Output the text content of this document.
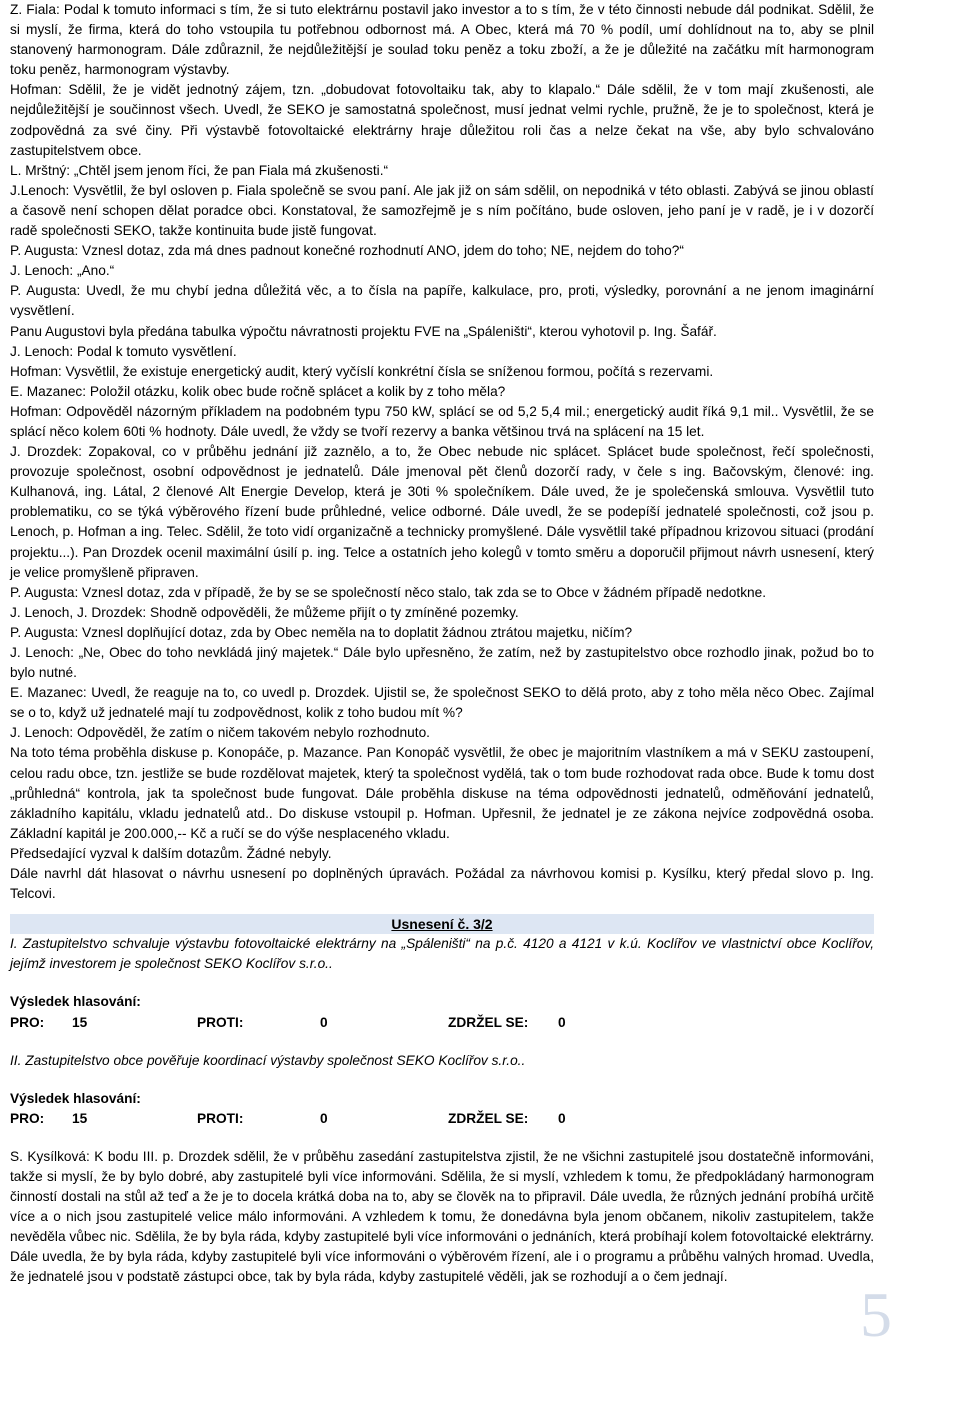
Z. Fiala: Podal k tomuto informaci s tím, že si tuto elektrárnu postavil jako investor a to s tím, že v této činnosti nebude dál podnikat. Sdělil, že si myslí, že firma, která do toho vstoupila tu potřebnou odbornost má. A Obec, která má 70 % podíl, umí dohlídnout na to, aby se plnil stanovený harmonogram. Dále zdůraznil, že nejdůležitější je soulad toku peněz a toku zboží, a že je důležité na začátku mít harmonogram toku peněz, harmonogram výstavby.

Hofman: Sdělil, že je vidět jednotný zájem, tzn. „dobudovat fotovoltaiku tak, aby to klapalo.“ Dále sdělil, že v tom mají zkušenosti, ale nejdůležitější je součinnost všech. Uvedl, že SEKO je samostatná společnost, musí jednat velmi rychle, pružně, že je to společnost, která je zodpovědná za své činy. Při výstavbě fotovoltaické elektrárny hraje důležitou roli čas a nelze čekat na vše, aby bylo schvalováno zastupitelstvem obce.

L. Mrštný: „Chtěl jsem jenom říci, že pan Fiala má zkušenosti.“

J.Lenoch: Vysvětlil, že byl osloven p. Fiala společně se svou paní. Ale jak již on sám sdělil, on nepodniká v této oblasti. Zabývá se jinou oblastí a časově není schopen dělat poradce obci. Konstatoval, že samozřejmě je s ním počítáno, bude osloven, jeho paní je v radě, je i v dozorčí radě společnosti SEKO, takže kontinuita bude jistě fungovat.

P. Augusta: Vznesl dotaz, zda má dnes padnout konečné rozhodnutí ANO, jdem do toho; NE, nejdem do toho?“

J. Lenoch: „Ano.“

P. Augusta: Uvedl, že mu chybí jedna důležitá věc, a to čísla na papíře, kalkulace, pro, proti, výsledky, porovnání a ne jenom imaginární vysvětlení.

Panu Augustovi byla předána tabulka výpočtu návratnosti projektu FVE na „Spáleništi“, kterou vyhotovil p. Ing. Šafář.

J. Lenoch: Podal k tomuto vysvětlení.

Hofman: Vysvětlil, že existuje energetický audit, který vyčíslí konkrétní čísla se sníženou formou, počítá s rezervami.

E. Mazanec: Položil otázku, kolik obec bude ročně splácet a kolik by z toho měla?

Hofman: Odpověděl názorným příkladem na podobném typu 750 kW, splácí se od 5,2 5,4 mil.; energetický audit říká 9,1 mil.. Vysvětlil, že se splácí něco kolem 60ti % hodnoty. Dále uvedl, že vždy se tvoří rezervy a banka většinou trvá na splácení na 15 let.

J. Drozdek: Zopakoval, co v průběhu jednání již zaznělo, a to, že Obec nebude nic splácet. Splácet bude společnost, řečí společnosti, provozuje společnost, osobní odpovědnost je jednatelů. Dále jmenoval pět členů dozorčí rady, v čele s ing. Bačovským, členové: ing. Kulhanová, ing. Látal, 2 členové Alt Energie Develop, která je 30ti % společníkem. Dále uved, že je společenská smlouva. Vysvětlil tuto problematiku, co se týká výběrového řízení bude průhledné, velice odborné. Dále uvedl, že se podepíší jednatelé společnosti, což jsou p. Lenoch, p. Hofman a ing. Telec. Sdělil, že toto vidí organizačně a technicky promyšlené. Dále vysvětlil také případnou krizovou situaci (prodání projektu...). Pan Drozdek ocenil maximální úsilí p. ing. Telce a ostatních jeho kolegů v tomto směru a doporučil přijmout návrh usnesení, který je velice promyšleně připraven.

P. Augusta: Vznesl dotaz, zda v případě, že by se se společností něco stalo, tak zda se to Obce v žádném případě nedotkne.

J. Lenoch, J. Drozdek: Shodně odpověděli, že můžeme přijít o ty zmíněné pozemky.

P. Augusta: Vznesl doplňující dotaz, zda by Obec neměla na to doplatit žádnou ztrátou majetku, ničím?

J. Lenoch: „Ne, Obec do toho nevkládá jiný majetek.“ Dále bylo upřesněno, že zatím, než by zastupitelstvo obce rozhodlo jinak, požud bo to bylo nutné.

E. Mazanec: Uvedl, že reaguje na to, co uvedl p. Drozdek. Ujistil se, že společnost SEKO to dělá proto, aby z toho měla něco Obec. Zajímal se o to, když už jednatelé mají tu zodpovědnost, kolik z toho budou mít %?

J. Lenoch: Odpověděl, že zatím o ničem takovém nebylo rozhodnuto.

Na toto téma proběhla diskuse p. Konopáče, p. Mazance. Pan Konopáč vysvětlil, že obec je majoritním vlastníkem a má v SEKU zastoupení, celou radu obce, tzn. jestliže se bude rozdělovat majetek, který ta společnost vydělá, tak o tom bude rozhodovat rada obce. Bude k tomu dost „průhledná“ kontrola, jak ta společnost bude fungovat. Dále proběhla diskuse na téma odpovědnosti jednatelů, odměňování jednatelů, základního kapitálu, vkladu jednatelů atd.. Do diskuse vstoupil p. Hofman. Upřesnil, že jednatel je ze zákona nejvíce zodpovědná osoba. Základní kapitál je 200.000,-- Kč a ručí se do výše nesplaceného vkladu.

Předsedající vyzval k dalším dotazům. Žádné nebyly.

Dále navrhl dát hlasovat o návrhu usnesení po doplněných úpravách. Požádal za návrhovou komisi p. Kysílku, který předal slovo p. Ing. Telcovi.

Usnesení č. 3/2

I. Zastupitelstvo schvaluje výstavbu fotovoltaické elektrárny na „Spáleništi“ na p.č. 4120 a 4121 v k.ú. Koclířov ve vlastnictví obce Koclířov, jejímž investorem je společnost SEKO Koclířov s.r.o..

Výsledek hlasování:
PRO:	15	PROTI:	0	ZDRŽEL SE:	0

II. Zastupitelstvo obce pověřuje koordinací výstavby společnost SEKO Koclířov s.r.o..

Výsledek hlasování:
PRO:	15	PROTI:	0	ZDRŽEL SE:	0

S. Kysílková: K bodu III. p. Drozdek sdělil, že v průběhu zasedání zastupitelstva zjistil, že ne všichni zastupitelé jsou dostatečně informováni, takže si myslí, že by bylo dobré, aby zastupitelé byli více informováni. Sdělila, že si myslí, vzhledem k tomu, že předpokládaný harmonogram činností dostali na stůl až teď a že je to docela krátká doba na to, aby se člověk na to připravil. Dále uvedla, že různých jednání probíhá určitě více a o nich jsou zastupitelé velice málo informováni. A vzhledem k tomu, že donedávna byla jenom občanem, nikoliv zastupitelem, takže nevěděla vůbec nic. Sdělila, že by byla ráda, kdyby zastupitelé byli více informováni o jednáních, která probíhají kolem fotovoltaické elektrárny. Dále uvedla, že by byla ráda, kdyby zastupitelé byli více informováni o výběrovém řízení, ale i o programu a průběhu valných hromad. Uvedla, že jednatelé jsou v podstatě zástupci obce, tak by byla ráda, kdyby zastupitelé věděli, jak se rozhodují a o čem jednají.

5
